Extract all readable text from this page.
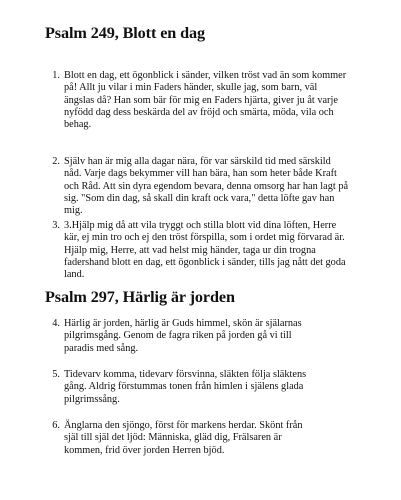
Psalm 249, Blott en dag
1. Blott en dag, ett ögonblick i sänder, vilken tröst vad än som kommer
på! Allt ju vilar i min Faders händer, skulle jag, som barn, väl
ängslas då? Han som bär för mig en Faders hjärta, giver ju åt varje
nyfödd dag dess beskärda del av fröjd och smärta, möda, vila och
behag.
2. Själv han är mig alla dagar nära, för var särskild tid med särskild
nåd. Varje dags bekymmer vill han bära, han som heter både Kraft
och Råd. Att sin dyra egendom bevara, denna omsorg har han lagt på
sig. "Som din dag, så skall din kraft ock vara," detta löfte gav han
mig.
3. 3.Hjälp mig då att vila tryggt och stilla blott vid dina löften, Herre
kär, ej min tro och ej den tröst förspilla, som i ordet mig förvarad är.
Hjälp mig, Herre, att vad helst mig händer, taga ur din trogna
fadershand blott en dag, ett ögonblick i sänder, tills jag nått det goda
land.
Psalm 297, Härlig är jorden
4. Härlig är jorden, härlig är Guds himmel, skön är själarnas
pilgrimsgång. Genom de fagra riken på jorden gå vi till
paradis med sång.
5. Tidevarv komma, tidevarv försvinna, släkten följa släktens
gång. Aldrig förstummas tonen från himlen i själens glada
pilgrimssång.
6. Änglarna den sjöngo, först för markens herdar. Skönt från
själ till själ det ljöd: Människa, gläd dig, Frälsaren är
kommen, frid över jorden Herren bjöd.
